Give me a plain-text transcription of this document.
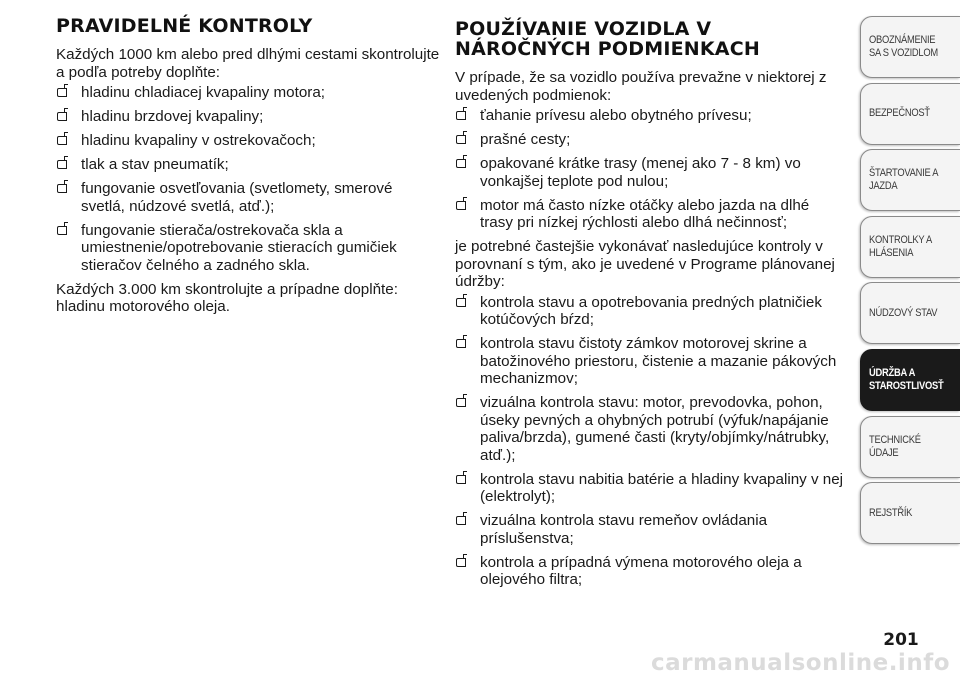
PRAVIDELNÉ KONTROLY

Každých 1000 km alebo pred dlhými cestami skontrolujte a podľa potreby doplňte:

hladinu chladiacej kvapaliny motora;
hladinu brzdovej kvapaliny;
hladinu kvapaliny v ostrekovačoch;
tlak a stav pneumatík;
fungovanie osvetľovania (svetlomety, smerové svetlá, núdzové svetlá, atď.);
fungovanie stierača/ostrekovača skla a umiestnenie/opotrebovanie stieracích gumičiek stieračov čelného a zadného skla.

Každých 3.000 km skontrolujte a prípadne doplňte: hladinu motorového oleja.

POUŽÍVANIE VOZIDLA V NÁROČNÝCH PODMIENKACH

V prípade, že sa vozidlo používa prevažne v niektorej z uvedených podmienok:

ťahanie prívesu alebo obytného prívesu;
prašné cesty;
opakované krátke trasy (menej ako 7 - 8 km) vo vonkajšej teplote pod nulou;
motor má často nízke otáčky alebo jazda na dlhé trasy pri nízkej rýchlosti alebo dlhá nečinnosť;

je potrebné častejšie vykonávať nasledujúce kontroly v porovnaní s tým, ako je uvedené v Programe plánovanej údržby:

kontrola stavu a opotrebovania predných platničiek kotúčových bŕzd;
kontrola stavu čistoty zámkov motorovej skrine a batožinového priestoru, čistenie a mazanie pákových mechanizmov;
vizuálna kontrola stavu: motor, prevodovka, pohon, úseky pevných a ohybných potrubí (výfuk/napájanie paliva/brzda), gumené časti (kryty/objímky/nátrubky, atď.);
kontrola stavu nabitia batérie a hladiny kvapaliny v nej (elektrolyt);
vizuálna kontrola stavu remeňov ovládania príslušenstva;
kontrola a prípadná výmena motorového oleja a olejového filtra;
OBOZNÁMENIE SA S VOZIDLOM
BEZPEČNOSŤ
ŠTARTOVANIE A JAZDA
KONTROLKY A HLÁSENIA
NÚDZOVÝ STAV
ÚDRŽBA A STAROSTLIVOSŤ
TECHNICKÉ ÚDAJE
REJSTŘÍK
201
carmanualsonline.info
